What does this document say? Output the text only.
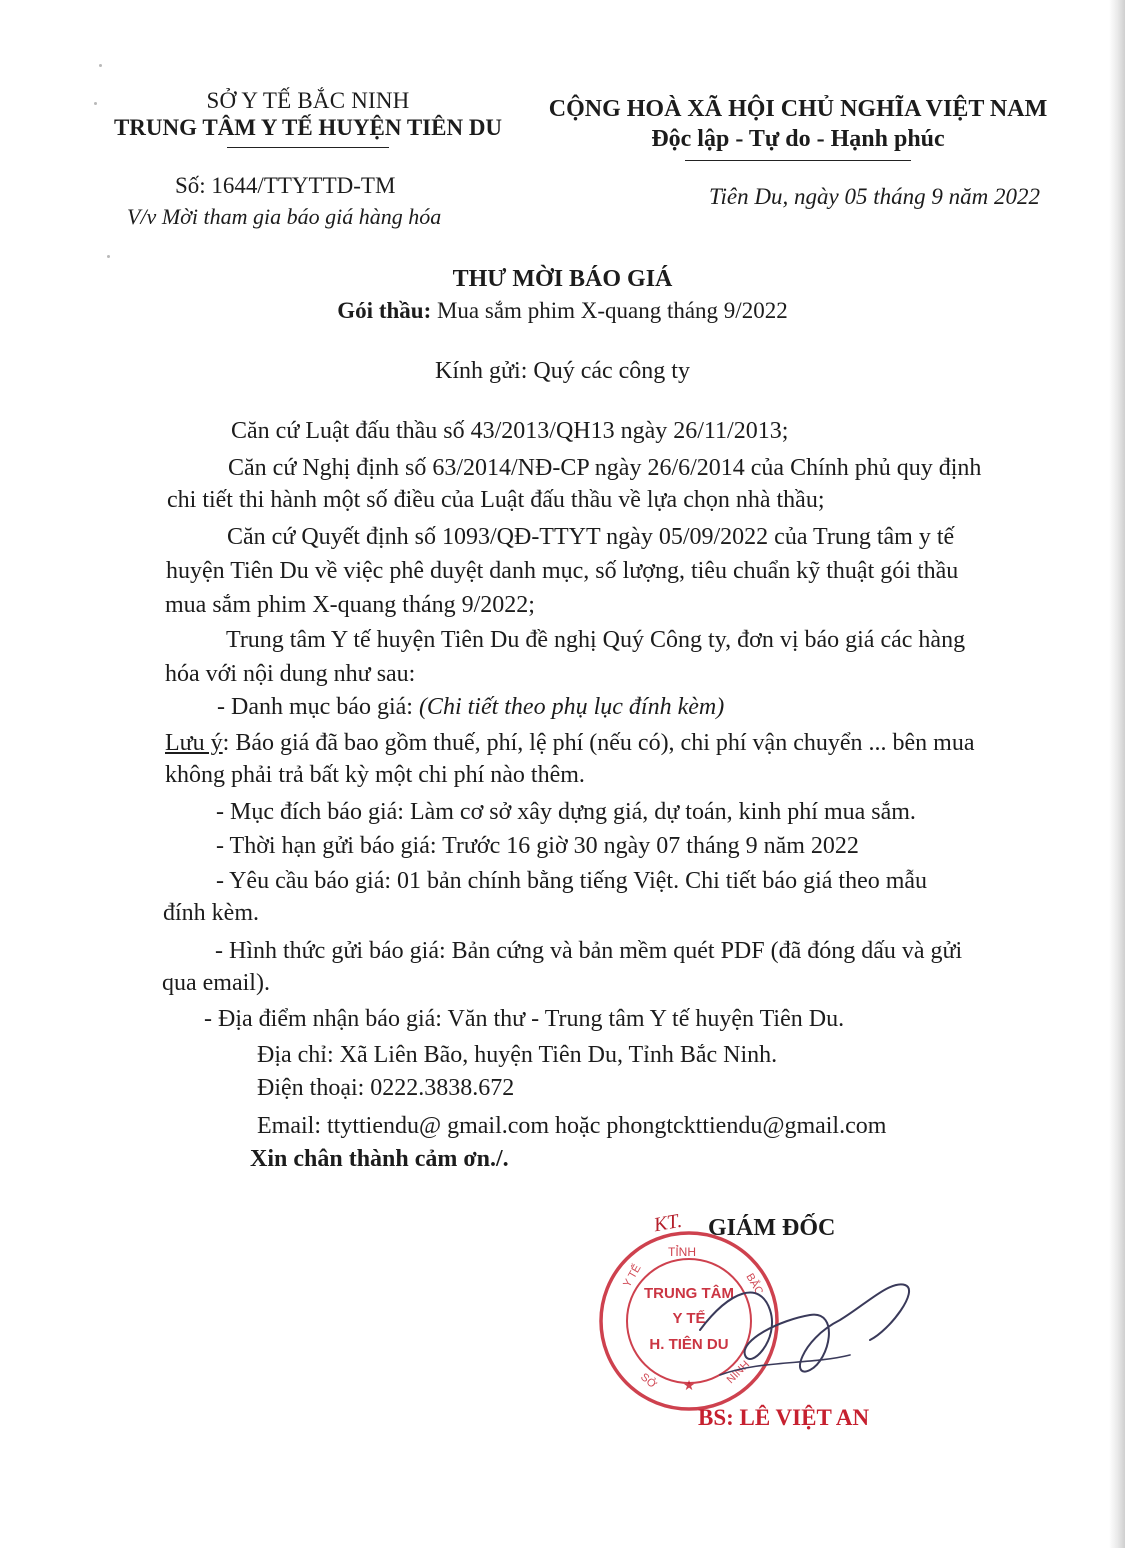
SỞ Y TẾ BẮC NINH
TRUNG TÂM Y TẾ HUYỆN TIÊN DU
CỘNG HOÀ XÃ HỘI CHỦ NGHĨA VIỆT NAM
Độc lập - Tự do - Hạnh phúc
Số: 1644/TTYTTD-TM
V/v Mời tham gia báo giá hàng hóa
Tiên Du, ngày 05 tháng 9 năm 2022
THƯ MỜI BÁO GIÁ
Gói thầu: Mua sắm phim X-quang tháng 9/2022
Kính gửi: Quý các công ty
Căn cứ Luật đấu thầu số 43/2013/QH13 ngày 26/11/2013;
Căn cứ Nghị định số 63/2014/NĐ-CP ngày 26/6/2014 của Chính phủ quy định
chi tiết thi hành một số điều của Luật đấu thầu về lựa chọn nhà thầu;
Căn cứ Quyết định số 1093/QĐ-TTYT ngày 05/09/2022 của Trung tâm y tế
huyện Tiên Du về việc phê duyệt danh mục, số lượng, tiêu chuẩn kỹ thuật gói thầu
mua sắm phim X-quang tháng 9/2022;
Trung tâm Y tế huyện Tiên Du đề nghị Quý Công ty, đơn vị báo giá các hàng
hóa với nội dung như sau:
- Danh mục báo giá: (Chi tiết theo phụ lục đính kèm)
Lưu ý: Báo giá đã bao gồm thuế, phí, lệ phí (nếu có), chi phí vận chuyển ... bên mua
không phải trả bất kỳ một chi phí nào thêm.
- Mục đích báo giá: Làm cơ sở xây dựng giá, dự toán, kinh phí mua sắm.
- Thời hạn gửi báo giá: Trước 16 giờ 30 ngày 07 tháng 9 năm 2022
- Yêu cầu báo giá: 01 bản chính bằng tiếng Việt. Chi tiết báo giá theo mẫu
đính kèm.
- Hình thức gửi báo giá: Bản cứng và bản mềm quét PDF (đã đóng dấu và gửi
qua email).
- Địa điểm nhận báo giá: Văn thư - Trung tâm Y tế huyện Tiên Du.
Địa chỉ: Xã Liên Bão, huyện Tiên Du, Tỉnh Bắc Ninh.
Điện thoại: 0222.3838.672
Email: ttyttiendu@ gmail.com hoặc phongtckttiendu@gmail.com
Xin chân thành cảm ơn./.
KT. GIÁM ĐỐC
TỈNH
Y TẾ	BẮC
TRUNG TÂM
Y TẾ
H. TIÊN DU
★
SỞ	NINH
BS: LÊ VIỆT AN
